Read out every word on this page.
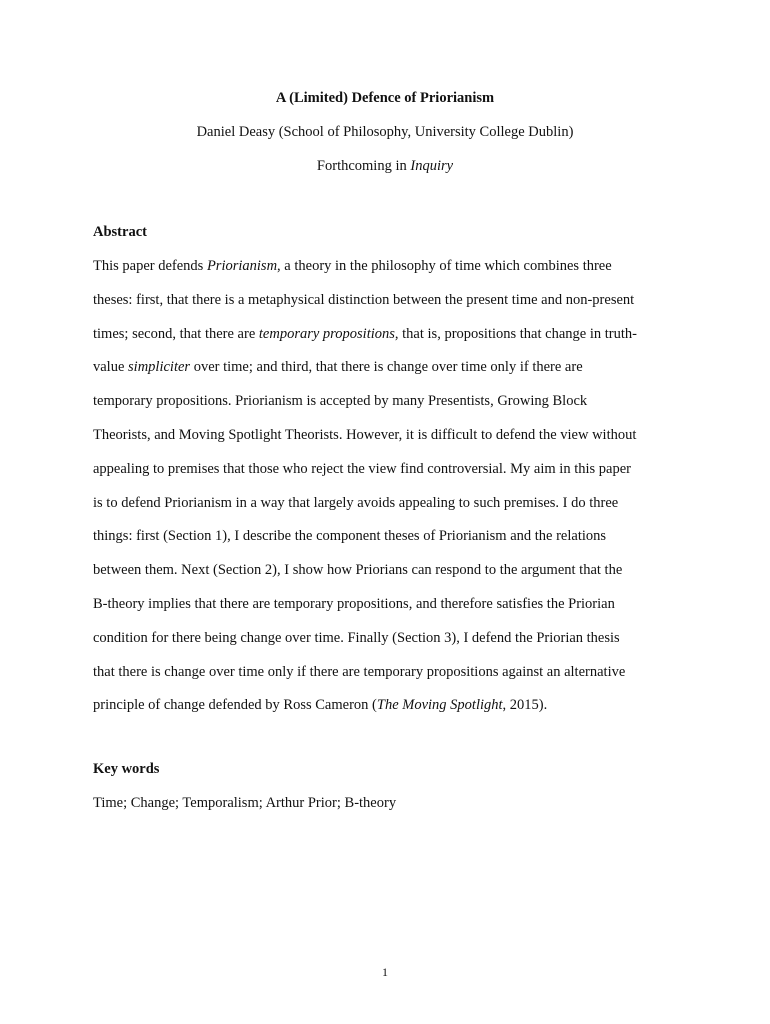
A (Limited) Defence of Priorianism
Daniel Deasy (School of Philosophy, University College Dublin)
Forthcoming in Inquiry
Abstract
This paper defends Priorianism, a theory in the philosophy of time which combines three
theses: first, that there is a metaphysical distinction between the present time and non-present
times; second, that there are temporary propositions, that is, propositions that change in truth-
value simpliciter over time; and third, that there is change over time only if there are
temporary propositions. Priorianism is accepted by many Presentists, Growing Block
Theorists, and Moving Spotlight Theorists. However, it is difficult to defend the view without
appealing to premises that those who reject the view find controversial. My aim in this paper
is to defend Priorianism in a way that largely avoids appealing to such premises. I do three
things: first (Section 1), I describe the component theses of Priorianism and the relations
between them. Next (Section 2), I show how Priorians can respond to the argument that the
B-theory implies that there are temporary propositions, and therefore satisfies the Priorian
condition for there being change over time. Finally (Section 3), I defend the Priorian thesis
that there is change over time only if there are temporary propositions against an alternative
principle of change defended by Ross Cameron (The Moving Spotlight, 2015).
Key words
Time; Change; Temporalism; Arthur Prior; B-theory
1
